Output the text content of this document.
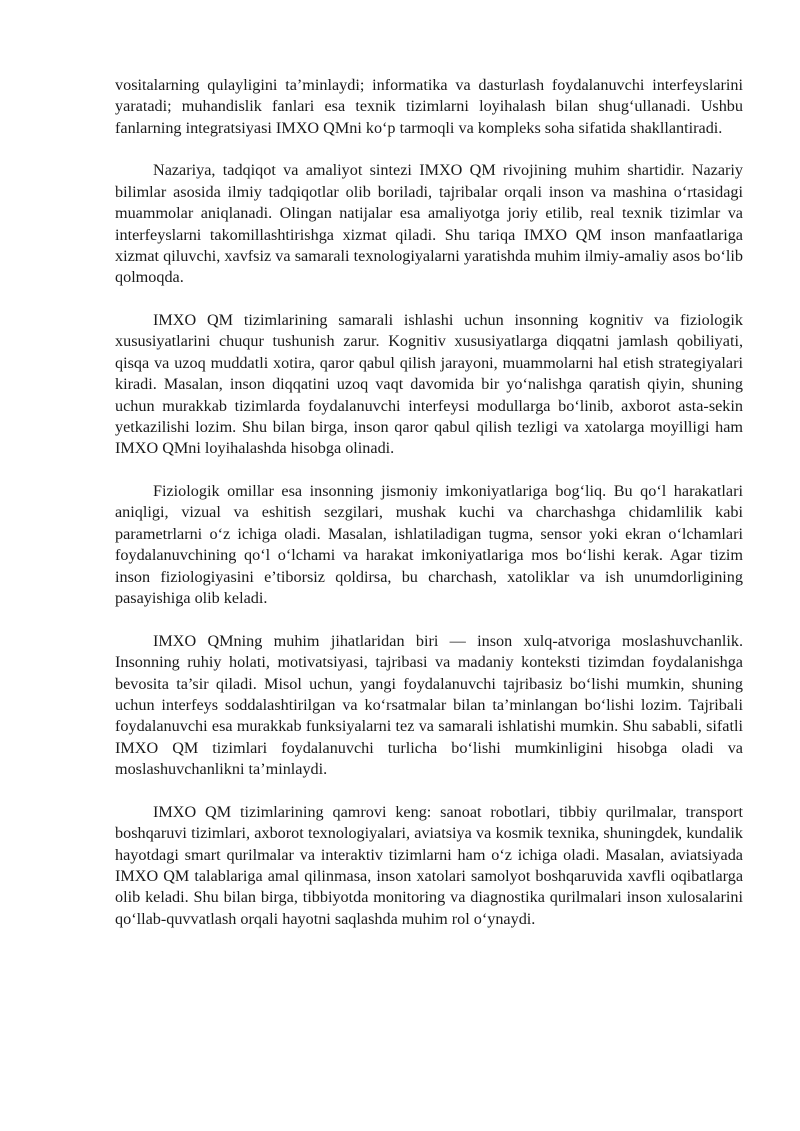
vositalarning qulayligini ta’minlaydi; informatika va dasturlash foydalanuvchi interfeyslarini yaratadi; muhandislik fanlari esa texnik tizimlarni loyihalash bilan shug‘ullanadi. Ushbu fanlarning integratsiyasi IMXO QMni ko‘p tarmoqli va kompleks soha sifatida shakllantiradi.

Nazariya, tadqiqot va amaliyot sintezi IMXO QM rivojining muhim shartidir. Nazariy bilimlar asosida ilmiy tadqiqotlar olib boriladi, tajribalar orqali inson va mashina o‘rtasidagi muammolar aniqlanadi. Olingan natijalar esa amaliyotga joriy etilib, real texnik tizimlar va interfeyslarni takomillashtirishga xizmat qiladi. Shu tariqa IMXO QM inson manfaatlariga xizmat qiluvchi, xavfsiz va samarali texnologiyalarni yaratishda muhim ilmiy-amaliy asos bo‘lib qolmoqda.

IMXO QM tizimlarining samarali ishlashi uchun insonning kognitiv va fiziologik xususiyatlarini chuqur tushunish zarur. Kognitiv xususiyatlarga diqqatni jamlash qobiliyati, qisqa va uzoq muddatli xotira, qaror qabul qilish jarayoni, muammolarni hal etish strategiyalari kiradi. Masalan, inson diqqatini uzoq vaqt davomida bir yo‘nalishga qaratish qiyin, shuning uchun murakkab tizimlarda foydalanuvchi interfeysi modullarga bo‘linib, axborot asta-sekin yetkazilishi lozim. Shu bilan birga, inson qaror qabul qilish tezligi va xatolarga moyilligi ham IMXO QMni loyihalashda hisobga olinadi.

Fiziologik omillar esa insonning jismoniy imkoniyatlariga bog‘liq. Bu qo‘l harakatlari aniqligi, vizual va eshitish sezgilari, mushak kuchi va charchashga chidamlilik kabi parametrlarni o‘z ichiga oladi. Masalan, ishlatiladigan tugma, sensor yoki ekran o‘lchamlari foydalanuvchining qo‘l o‘lchami va harakat imkoniyatlariga mos bo‘lishi kerak. Agar tizim inson fiziologiyasini e’tiborsiz qoldirsa, bu charchash, xatoliklar va ish unumdorligining pasayishiga olib keladi.

IMXO QMning muhim jihatlaridan biri — inson xulq-atvoriga moslashuvchanlik. Insonning ruhiy holati, motivatsiyasi, tajribasi va madaniy konteksti tizimdan foydalanishga bevosita ta’sir qiladi. Misol uchun, yangi foydalanuvchi tajribasiz bo‘lishi mumkin, shuning uchun interfeys soddalashtirilgan va ko‘rsatmalar bilan ta’minlangan bo‘lishi lozim. Tajribali foydalanuvchi esa murakkab funksiyalarni tez va samarali ishlatishi mumkin. Shu sababli, sifatli IMXO QM tizimlari foydalanuvchi turlicha bo‘lishi mumkinligini hisobga oladi va moslashuvchanlikni ta’minlaydi.

IMXO QM tizimlarining qamrovi keng: sanoat robotlari, tibbiy qurilmalar, transport boshqaruvi tizimlari, axborot texnologiyalari, aviatsiya va kosmik texnika, shuningdek, kundalik hayotdagi smart qurilmalar va interaktiv tizimlarni ham o‘z ichiga oladi. Masalan, aviatsiyada IMXO QM talablariga amal qilinmasa, inson xatolari samolyot boshqaruvida xavfli oqibatlarga olib keladi. Shu bilan birga, tibbiyotda monitoring va diagnostika qurilmalari inson xulosalarini qo‘llab-quvvatlash orqali hayotni saqlashda muhim rol o‘ynaydi.
